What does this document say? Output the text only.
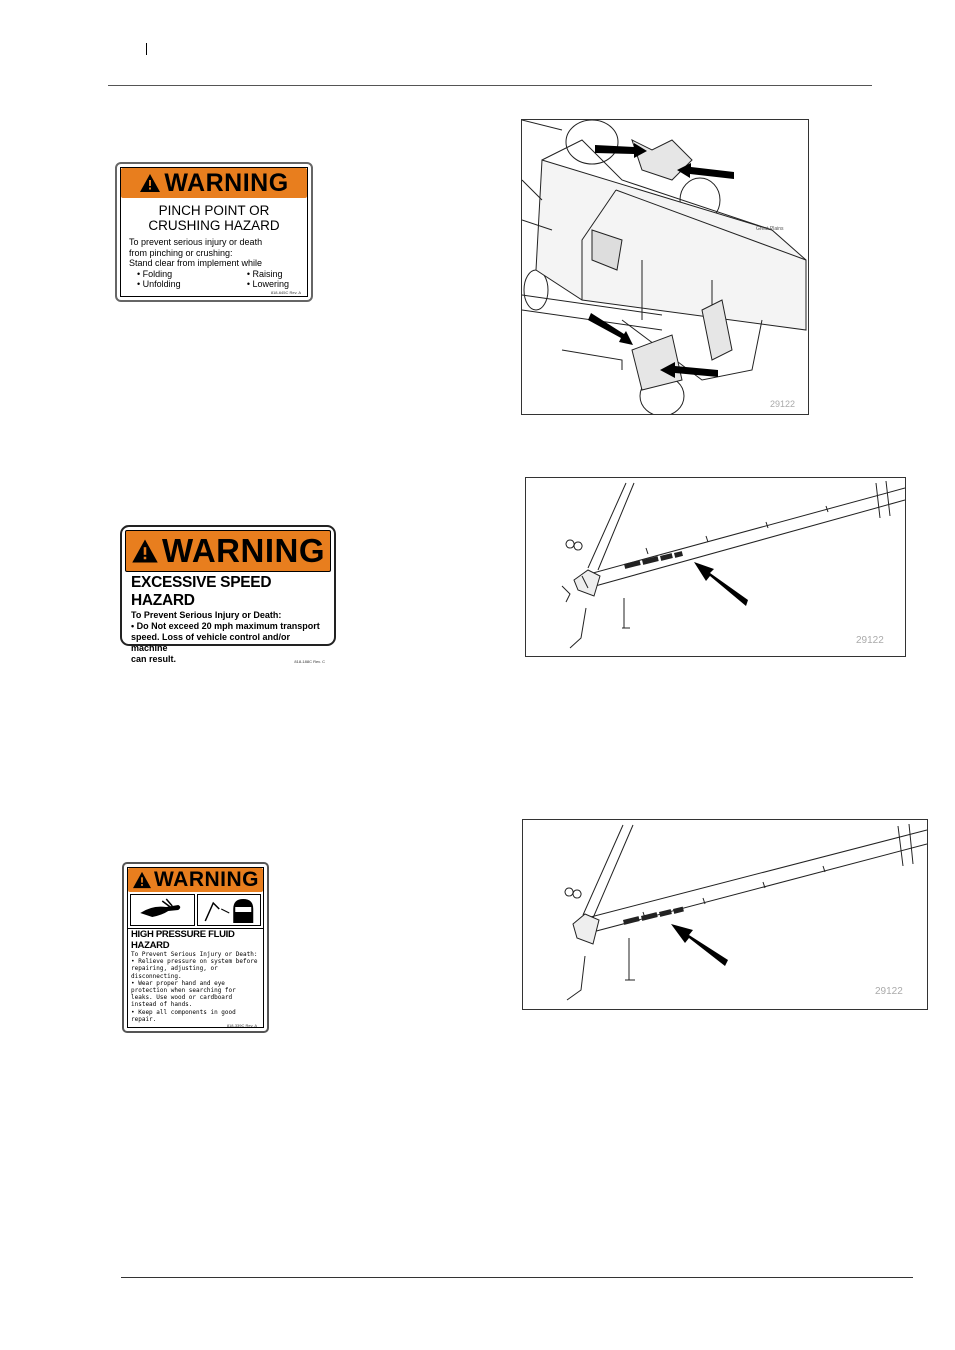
WARNING
PINCH POINT OR
CRUSHING HAZARD
To prevent serious injury or death
from pinching or crushing:
Stand clear from implement while
• Folding
• Unfolding
• Raising
• Lowering
818-645C Rev. A
WARNING
EXCESSIVE SPEED HAZARD
To Prevent Serious Injury or Death:
• Do Not exceed 20 mph maximum transport
speed. Loss of vehicle control and/or machine
can result.	818-188C Rev. C
WARNING
HIGH PRESSURE FLUID HAZARD
To Prevent Serious Injury or Death:
• Relieve pressure on system before repairing, adjusting, or disconnecting.
• Wear proper hand and eye protection when searching for leaks. Use wood or cardboard instead of hands.
• Keep all components in good repair.
818-339C Rev. A
Great Plains
29122
29122
29122
